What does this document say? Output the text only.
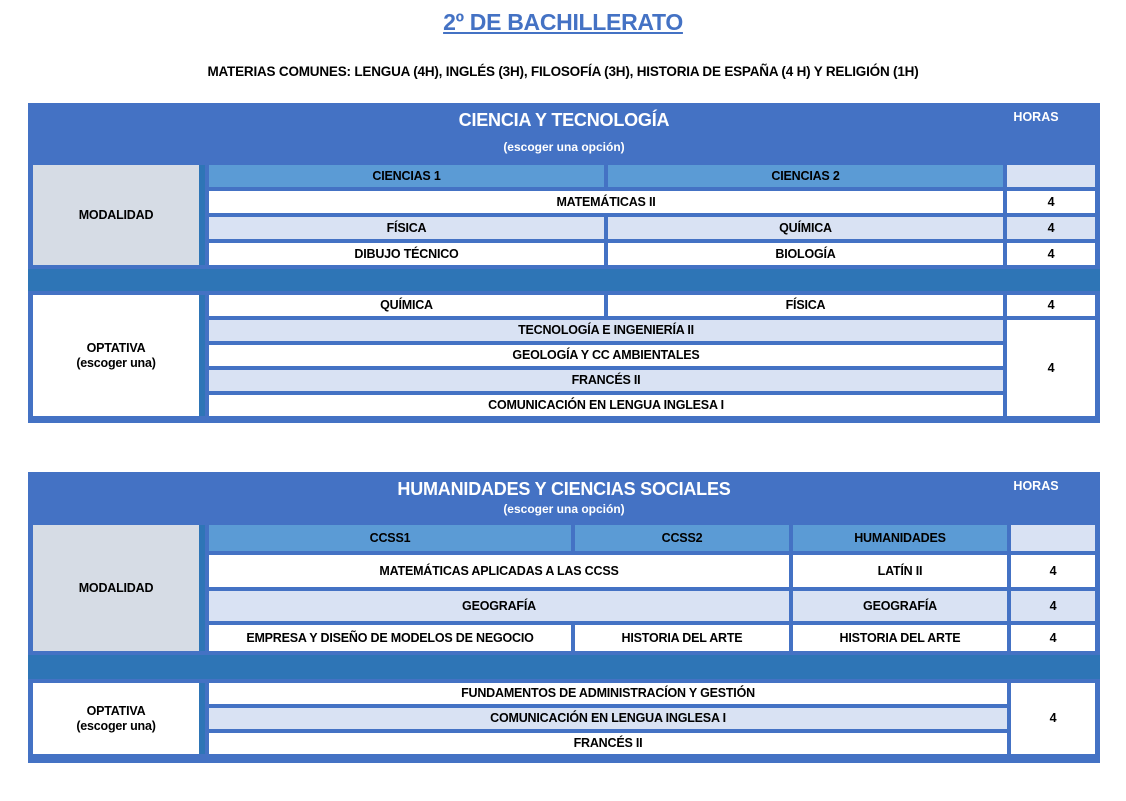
2º DE BACHILLERATO
MATERIAS COMUNES: LENGUA (4H), INGLÉS (3H), FILOSOFÍA (3H), HISTORIA DE ESPAÑA (4 H) Y RELIGIÓN (1H)
CIENCIA Y TECNOLOGÍA
(escoger una opción)
HORAS
MODALIDAD
CIENCIAS 1	CIENCIAS 2
MATEMÁTICAS II	4
FÍSICA	QUÍMICA	4
DIBUJO TÉCNICO	BIOLOGÍA	4
OPTATIVA
(escoger una)
QUÍMICA	FÍSICA	4
TECNOLOGÍA E INGENIERÍA II
4
GEOLOGÍA Y CC AMBIENTALES
FRANCÉS II
COMUNICACIÓN EN LENGUA INGLESA I
HUMANIDADES Y CIENCIAS SOCIALES
(escoger una opción)
HORAS
MODALIDAD
CCSS1	CCSS2	HUMANIDADES
MATEMÁTICAS APLICADAS A LAS CCSS	LATÍN II	4
GEOGRAFÍA	GEOGRAFÍA	4
EMPRESA Y DISEÑO DE MODELOS DE NEGOCIO	HISTORIA DEL ARTE	HISTORIA DEL ARTE	4
OPTATIVA
(escoger una)
FUNDAMENTOS DE ADMINISTRACÍON Y GESTIÓN
4
COMUNICACIÓN EN LENGUA INGLESA I
FRANCÉS II
